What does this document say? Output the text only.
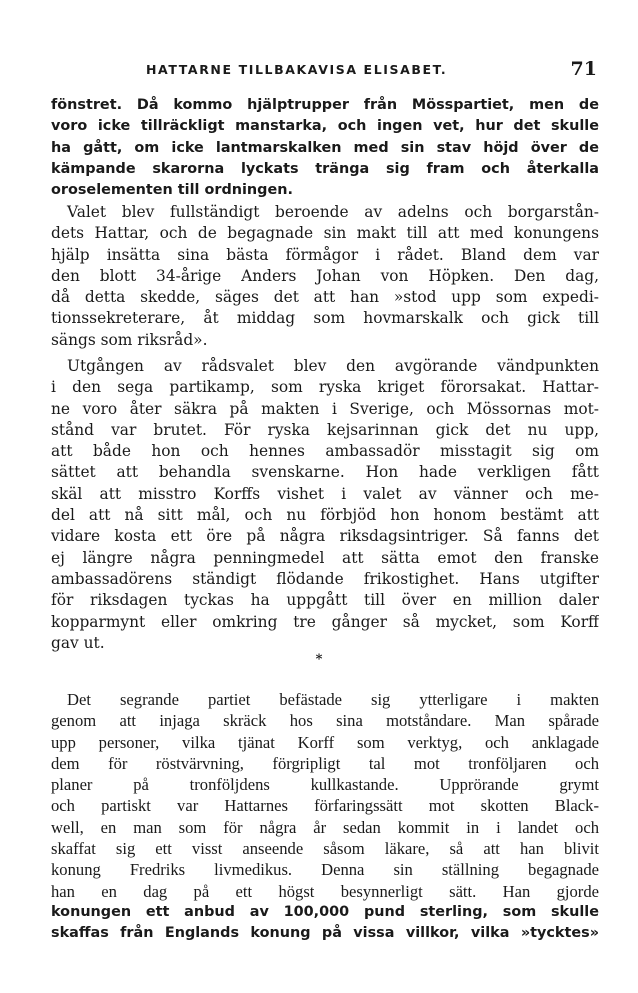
HATTARNE TILLBAKAVISA ELISABET.	71
fönstret. Då kommo hjälptrupper från Mösspartiet, men de
voro icke tillräckligt manstarka, och ingen vet, hur det skulle
ha gått, om icke lantmarskalken med sin stav höjd över de
kämpande skarorna lyckats tränga sig fram och återkalla
oroselementen till ordningen.
Valet blev fullständigt beroende av adelns och borgarstån-
dets Hattar, och de begagnade sin makt till att med konungens
hjälp insätta sina bästa förmågor i rådet. Bland dem var
den blott 34-årige Anders Johan von Höpken. Den dag,
då detta skedde, säges det att han »stod upp som expedi-
tionssekreterare, åt middag som hovmarskalk och gick till
sängs som riksråd».
Utgången av rådsvalet blev den avgörande vändpunkten
i den sega partikamp, som ryska kriget förorsakat. Hattar-
ne voro åter säkra på makten i Sverige, och Mössornas mot-
stånd var brutet. För ryska kejsarinnan gick det nu upp,
att både hon och hennes ambassadör misstagit sig om
sättet att behandla svenskarne. Hon hade verkligen fått
skäl att misstro Korffs vishet i valet av vänner och me-
del att nå sitt mål, och nu förbjöd hon honom bestämt att
vidare kosta ett öre på några riksdagsintriger. Så fanns det
ej längre några penningmedel att sätta emot den franske
ambassadörens ständigt flödande frikostighet. Hans utgifter
för riksdagen tyckas ha uppgått till över en million daler
kopparmynt eller omkring tre gånger så mycket, som Korff
gav ut.
*
Det segrande partiet befästade sig ytterligare i makten
genom att injaga skräck hos sina motståndare. Man spårade
upp personer, vilka tjänat Korff som verktyg, och anklagade
dem för röstvärvning, förgripligt tal mot tronföljaren och
planer på tronföljdens kullkastande. Upprörande grymt
och partiskt var Hattarnes förfaringssätt mot skotten Black-
well, en man som för några år sedan kommit in i landet och
skaffat sig ett visst anseende såsom läkare, så att han blivit
konung Fredriks livmedikus. Denna sin ställning begagnade
han en dag på ett högst besynnerligt sätt. Han gjorde
konungen ett anbud av 100,000 pund sterling, som skulle
skaffas från Englands konung på vissa villkor, vilka »tycktes»
